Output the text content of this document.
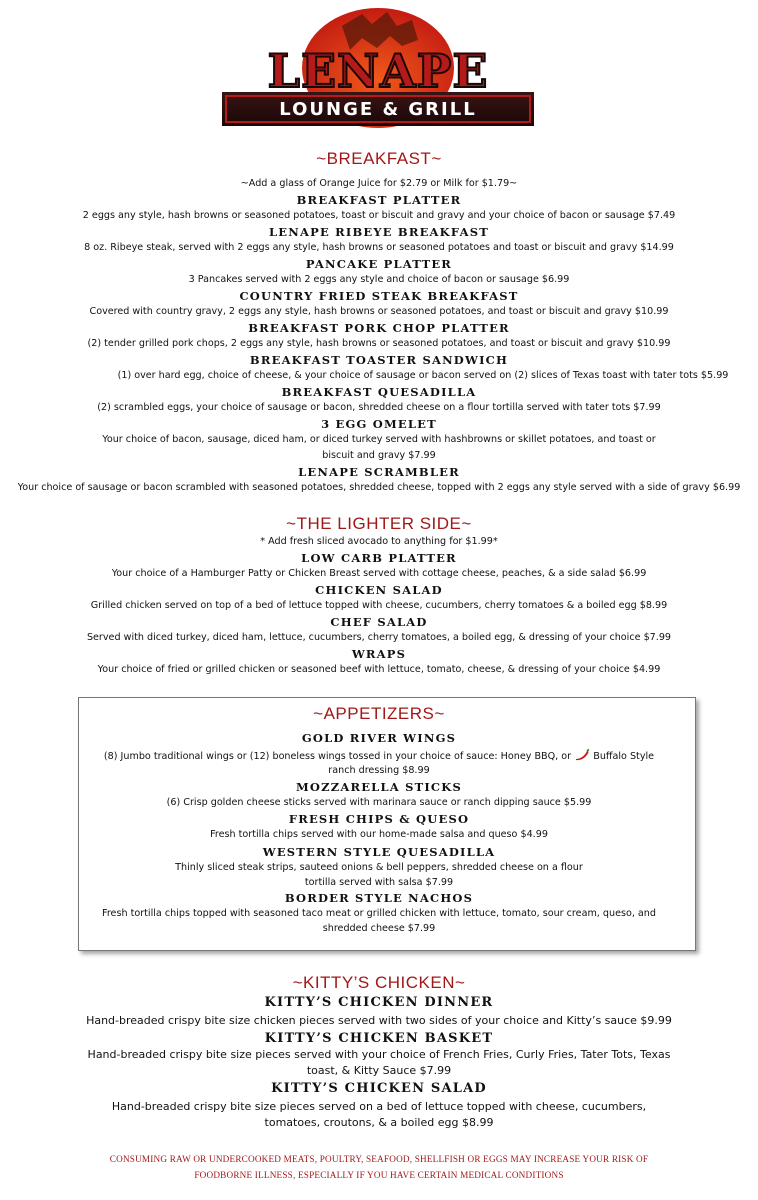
LENAPE
LOUNGE & GRILL
~BREAKFAST~
~Add a glass of Orange Juice for $2.79 or Milk for $1.79~
BREAKFAST PLATTER
2 eggs any style, hash browns or seasoned potatoes, toast or biscuit and gravy and your choice of bacon or sausage $7.49
LENAPE RIBEYE BREAKFAST
8 oz. Ribeye steak, served with 2 eggs any style, hash browns or seasoned potatoes and toast or biscuit and gravy $14.99
PANCAKE PLATTER
3 Pancakes served with 2 eggs any style and choice of bacon or sausage $6.99
COUNTRY FRIED STEAK BREAKFAST
Covered with country gravy, 2 eggs any style, hash browns or seasoned potatoes, and toast or biscuit and gravy $10.99
BREAKFAST PORK CHOP PLATTER
(2) tender grilled pork chops, 2 eggs any style, hash browns or seasoned potatoes, and toast or biscuit and gravy $10.99
BREAKFAST TOASTER SANDWICH
(1) over hard egg, choice of cheese, & your choice of sausage or bacon served on (2) slices of Texas toast with tater tots $5.99
BREAKFAST QUESADILLA
(2) scrambled eggs, your choice of sausage or bacon, shredded cheese on a flour tortilla served with tater tots $7.99
3 EGG OMELET
Your choice of bacon, sausage, diced ham, or diced turkey served with hashbrowns or skillet potatoes, and toast or
biscuit and gravy $7.99
LENAPE SCRAMBLER
Your choice of sausage or bacon scrambled with seasoned potatoes, shredded cheese, topped with 2 eggs any style served with a side of gravy $6.99
~THE LIGHTER SIDE~
* Add fresh sliced avocado to anything for $1.99*
LOW CARB PLATTER
Your choice of a Hamburger Patty or Chicken Breast served with cottage cheese, peaches, & a side salad $6.99
CHICKEN SALAD
Grilled chicken served on top of a bed of lettuce topped with cheese, cucumbers, cherry tomatoes & a boiled egg $8.99
CHEF SALAD
Served with diced turkey, diced ham, lettuce, cucumbers, cherry tomatoes, a boiled egg, & dressing of your choice $7.99
WRAPS
Your choice of fried or grilled chicken or seasoned beef with lettuce, tomato, cheese, & dressing of your choice $4.99
~APPETIZERS~
GOLD RIVER WINGS
(8) Jumbo traditional wings or (12) boneless wings tossed in your choice of sauce: Honey BBQ, or Buffalo Style
ranch dressing $8.99
MOZZARELLA STICKS
(6) Crisp golden cheese sticks served with marinara sauce or ranch dipping sauce $5.99
FRESH CHIPS & QUESO
Fresh tortilla chips served with our home-made salsa and queso $4.99
WESTERN STYLE QUESADILLA
Thinly sliced steak strips, sauteed onions & bell peppers, shredded cheese on a flour
tortilla served with salsa $7.99
BORDER STYLE NACHOS
Fresh tortilla chips topped with seasoned taco meat or grilled chicken with lettuce, tomato, sour cream, queso, and
shredded cheese $7.99
~KITTY’S CHICKEN~
KITTY’S CHICKEN DINNER
Hand-breaded crispy bite size chicken pieces served with two sides of your choice and Kitty’s sauce $9.99
KITTY’S CHICKEN BASKET
Hand-breaded crispy bite size pieces served with your choice of French Fries, Curly Fries, Tater Tots, Texas
toast, & Kitty Sauce $7.99
KITTY’S CHICKEN SALAD
Hand-breaded crispy bite size pieces served on a bed of lettuce topped with cheese, cucumbers,
tomatoes, croutons, & a boiled egg $8.99
CONSUMING RAW OR UNDERCOOKED MEATS, POULTRY, SEAFOOD, SHELLFISH OR EGGS MAY INCREASE YOUR RISK OF
FOODBORNE ILLNESS, ESPECIALLY IF YOU HAVE CERTAIN MEDICAL CONDITIONS
